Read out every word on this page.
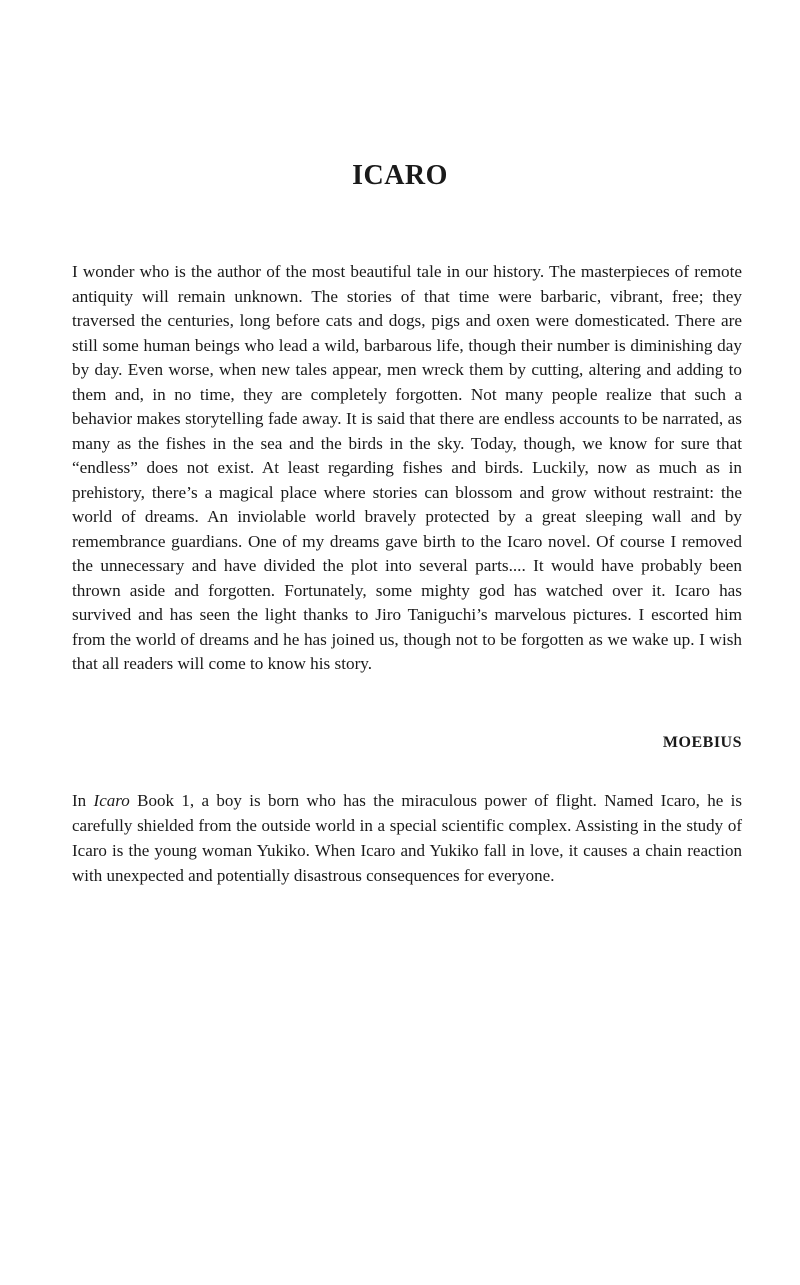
ICARO

I wonder who is the author of the most beautiful tale in our history. The masterpieces of remote antiquity will remain unknown. The stories of that time were barbaric, vibrant, free; they traversed the centuries, long before cats and dogs, pigs and oxen were domesticated. There are still some human beings who lead a wild, barbarous life, though their number is diminishing day by day. Even worse, when new tales appear, men wreck them by cutting, altering and adding to them and, in no time, they are completely forgotten. Not many people realize that such a behavior makes storytelling fade away. It is said that there are endless accounts to be narrated, as many as the fishes in the sea and the birds in the sky. Today, though, we know for sure that “endless” does not exist. At least regarding fishes and birds. Luckily, now as much as in prehistory, there’s a magical place where stories can blossom and grow without restraint: the world of dreams. An inviolable world bravely protected by a great sleeping wall and by remembrance guardians. One of my dreams gave birth to the Icaro novel. Of course I removed the unnecessary and have divided the plot into several parts.... It would have probably been thrown aside and forgotten. Fortunately, some mighty god has watched over it. Icaro has survived and has seen the light thanks to Jiro Taniguchi’s marvelous pictures. I escorted him from the world of dreams and he has joined us, though not to be forgotten as we wake up. I wish that all readers will come to know his story.

MOEBIUS

In Icaro Book 1, a boy is born who has the miraculous power of flight. Named Icaro, he is carefully shielded from the outside world in a special scientific complex. Assisting in the study of Icaro is the young woman Yukiko. When Icaro and Yukiko fall in love, it causes a chain reaction with unexpected and potentially disastrous consequences for everyone.
